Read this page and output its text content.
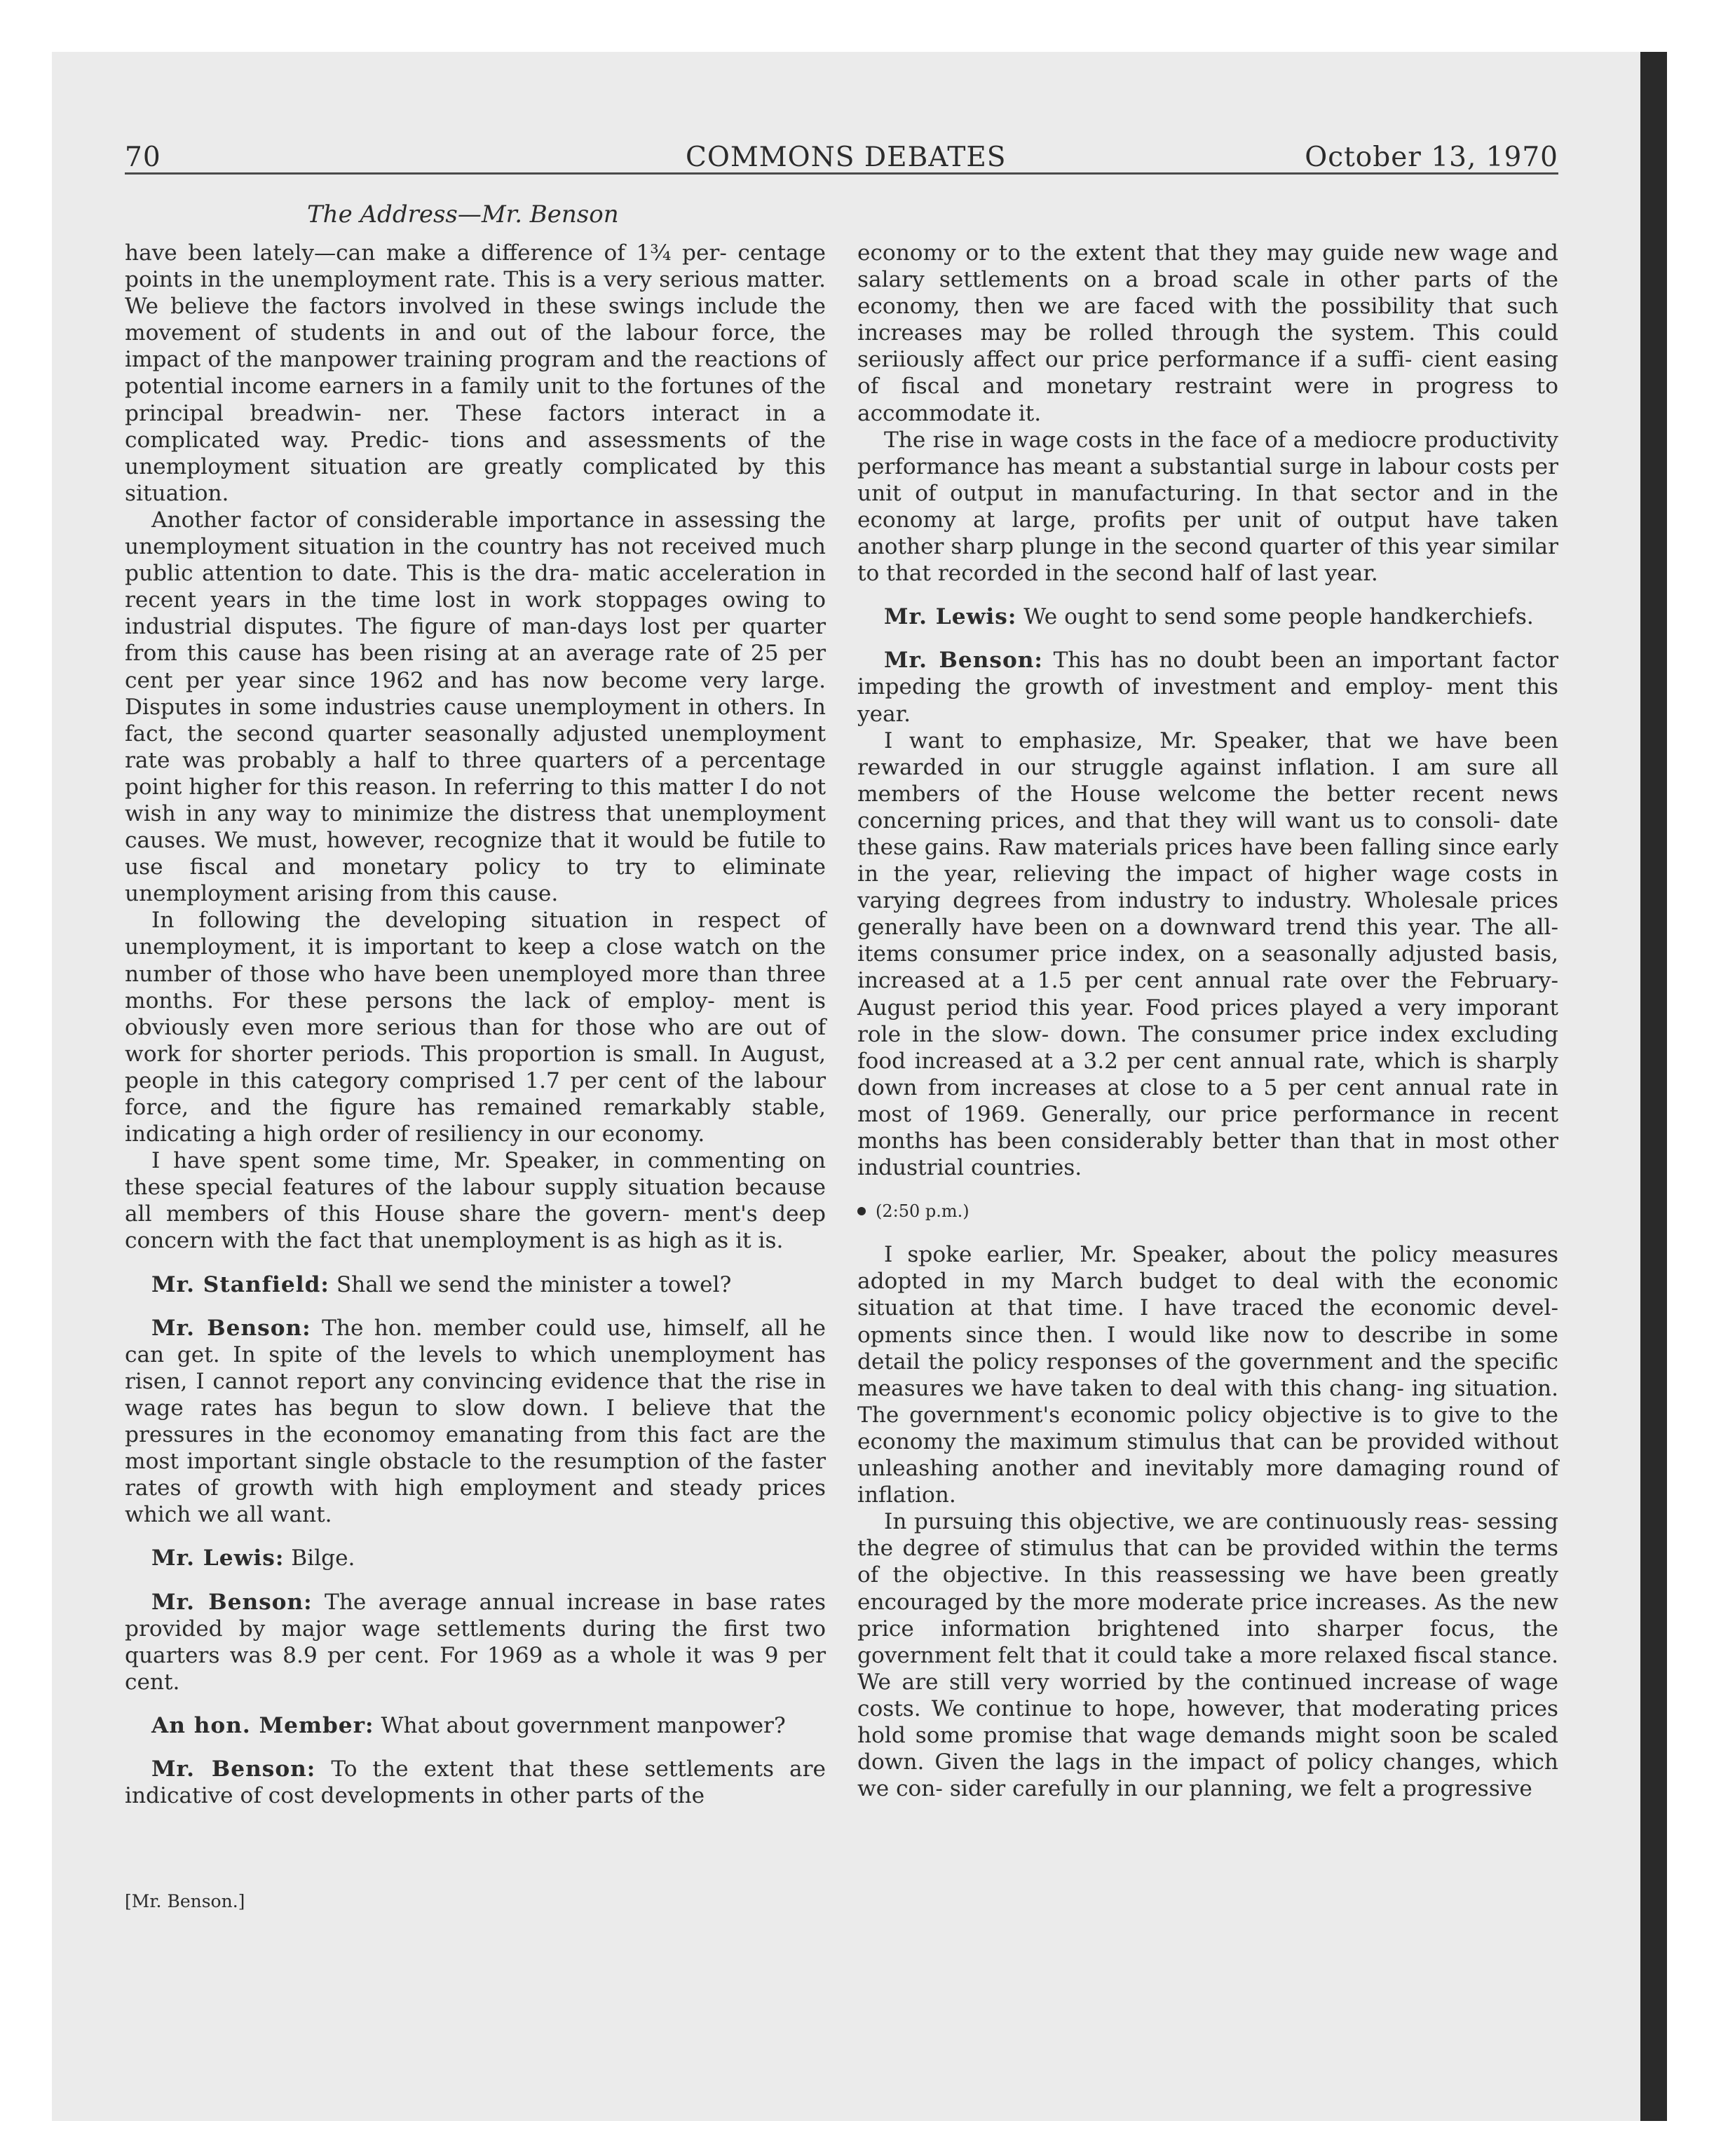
70	COMMONS DEBATES	October 13, 1970
The Address—Mr. Benson

have been lately—can make a difference of 1¾ per- centage points in the unemployment rate. This is a very serious matter. We believe the factors involved in these swings include the movement of students in and out of the labour force, the impact of the manpower training program and the reactions of potential income earners in a family unit to the fortunes of the principal breadwin- ner. These factors interact in a complicated way. Predic- tions and assessments of the unemployment situation are greatly complicated by this situation.

Another factor of considerable importance in assessing the unemployment situation in the country has not received much public attention to date. This is the dra- matic acceleration in recent years in the time lost in work stoppages owing to industrial disputes. The figure of man-days lost per quarter from this cause has been rising at an average rate of 25 per cent per year since 1962 and has now become very large. Disputes in some industries cause unemployment in others. In fact, the second quarter seasonally adjusted unemployment rate was probably a half to three quarters of a percentage point higher for this reason. In referring to this matter I do not wish in any way to minimize the distress that unemployment causes. We must, however, recognize that it would be futile to use fiscal and monetary policy to try to eliminate unemployment arising from this cause.

In following the developing situation in respect of unemployment, it is important to keep a close watch on the number of those who have been unemployed more than three months. For these persons the lack of employ- ment is obviously even more serious than for those who are out of work for shorter periods. This proportion is small. In August, people in this category comprised 1.7 per cent of the labour force, and the figure has remained remarkably stable, indicating a high order of resiliency in our economy.

I have spent some time, Mr. Speaker, in commenting on these special features of the labour supply situation because all members of this House share the govern- ment's deep concern with the fact that unemployment is as high as it is.

Mr. Stanfield: Shall we send the minister a towel?

Mr. Benson: The hon. member could use, himself, all he can get. In spite of the levels to which unemployment has risen, I cannot report any convincing evidence that the rise in wage rates has begun to slow down. I believe that the pressures in the economoy emanating from this fact are the most important single obstacle to the resumption of the faster rates of growth with high employment and steady prices which we all want.

Mr. Lewis: Bilge.

Mr. Benson: The average annual increase in base rates provided by major wage settlements during the first two quarters was 8.9 per cent. For 1969 as a whole it was 9 per cent.

An hon. Member: What about government manpower?

Mr. Benson: To the extent that these settlements are indicative of cost developments in other parts of the

[Mr. Benson.]

economy or to the extent that they may guide new wage and salary settlements on a broad scale in other parts of the economy, then we are faced with the possibility that such increases may be rolled through the system. This could seriiously affect our price performance if a suffi- cient easing of fiscal and monetary restraint were in progress to accommodate it.

The rise in wage costs in the face of a mediocre productivity performance has meant a substantial surge in labour costs per unit of output in manufacturing. In that sector and in the economy at large, profits per unit of output have taken another sharp plunge in the second quarter of this year similar to that recorded in the second half of last year.

Mr. Lewis: We ought to send some people handkerchiefs.

Mr. Benson: This has no doubt been an important factor impeding the growth of investment and employ- ment this year.

I want to emphasize, Mr. Speaker, that we have been rewarded in our struggle against inflation. I am sure all members of the House welcome the better recent news concerning prices, and that they will want us to consoli- date these gains. Raw materials prices have been falling since early in the year, relieving the impact of higher wage costs in varying degrees from industry to industry. Wholesale prices generally have been on a downward trend this year. The all-items consumer price index, on a seasonally adjusted basis, increased at a 1.5 per cent annual rate over the February-August period this year. Food prices played a very imporant role in the slow- down. The consumer price index excluding food increased at a 3.2 per cent annual rate, which is sharply down from increases at close to a 5 per cent annual rate in most of 1969. Generally, our price performance in recent months has been considerably better than that in most other industrial countries.

(2:50 p.m.)

I spoke earlier, Mr. Speaker, about the policy measures adopted in my March budget to deal with the economic situation at that time. I have traced the economic devel- opments since then. I would like now to describe in some detail the policy responses of the government and the specific measures we have taken to deal with this chang- ing situation. The government's economic policy objective is to give to the economy the maximum stimulus that can be provided without unleashing another and inevitably more damaging round of inflation.

In pursuing this objective, we are continuously reas- sessing the degree of stimulus that can be provided within the terms of the objective. In this reassessing we have been greatly encouraged by the more moderate price increases. As the new price information brightened into sharper focus, the government felt that it could take a more relaxed fiscal stance. We are still very worried by the continued increase of wage costs. We continue to hope, however, that moderating prices hold some promise that wage demands might soon be scaled down. Given the lags in the impact of policy changes, which we con- sider carefully in our planning, we felt a progressive
